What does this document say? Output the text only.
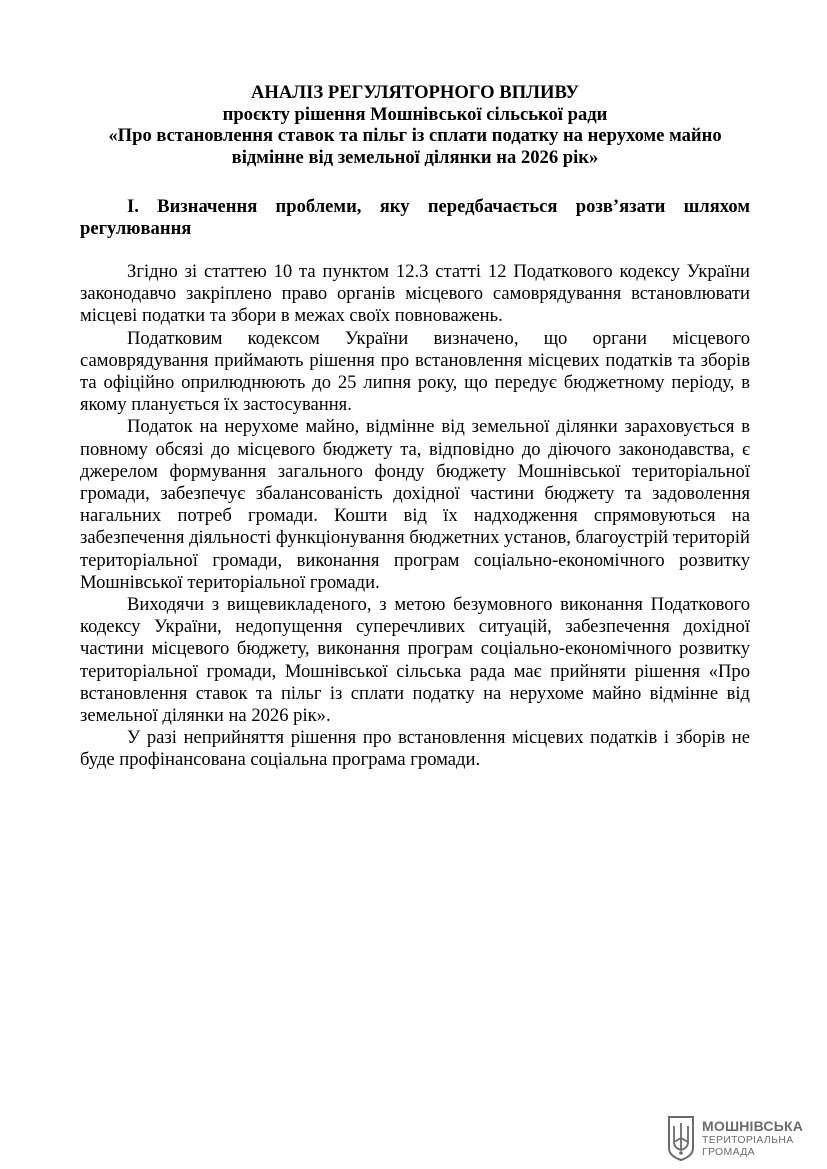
АНАЛІЗ РЕГУЛЯТОРНОГО ВПЛИВУ
проєкту рішення Мошнівської сільської ради
«Про встановлення ставок та пільг із сплати податку на нерухоме майно
відмінне від земельної ділянки на 2026 рік»
І. Визначення проблеми, яку передбачається розв’язати шляхом регулювання

Згідно зі статтею 10 та пунктом 12.3 статті 12 Податкового кодексу України законодавчо закріплено право органів місцевого самоврядування встановлювати місцеві податки та збори в межах своїх повноважень.

Податковим кодексом України визначено, що органи місцевого самоврядування приймають рішення про встановлення місцевих податків та зборів та офіційно оприлюднюють до 25 липня року, що передує бюджетному періоду, в якому планується їх застосування.

Податок на нерухоме майно, відмінне від земельної ділянки зараховується в повному обсязі до місцевого бюджету та, відповідно до діючого законодавства, є джерелом формування загального фонду бюджету Мошнівської територіальної громади, забезпечує збалансованість дохідної частини бюджету та задоволення нагальних потреб громади. Кошти від їх надходження спрямовуються на забезпечення діяльності функціонування бюджетних установ, благоустрій територій територіальної громади, виконання програм соціально-економічного розвитку Мошнівської територіальної громади.

Виходячи з вищевикладеного, з метою безумовного виконання Податкового кодексу України, недопущення суперечливих ситуацій, забезпечення дохідної частини місцевого бюджету, виконання програм соціально-економічного розвитку територіальної громади, Мошнівської сільська рада має прийняти рішення «Про встановлення ставок та пільг із сплати податку на нерухоме майно відмінне від земельної ділянки на 2026 рік».

У разі неприйняття рішення про встановлення місцевих податків і зборів не буде профінансована соціальна програма громади.

МОШНІВСЬКА
ТЕРИТОРІАЛЬНА
ГРОМАДА
